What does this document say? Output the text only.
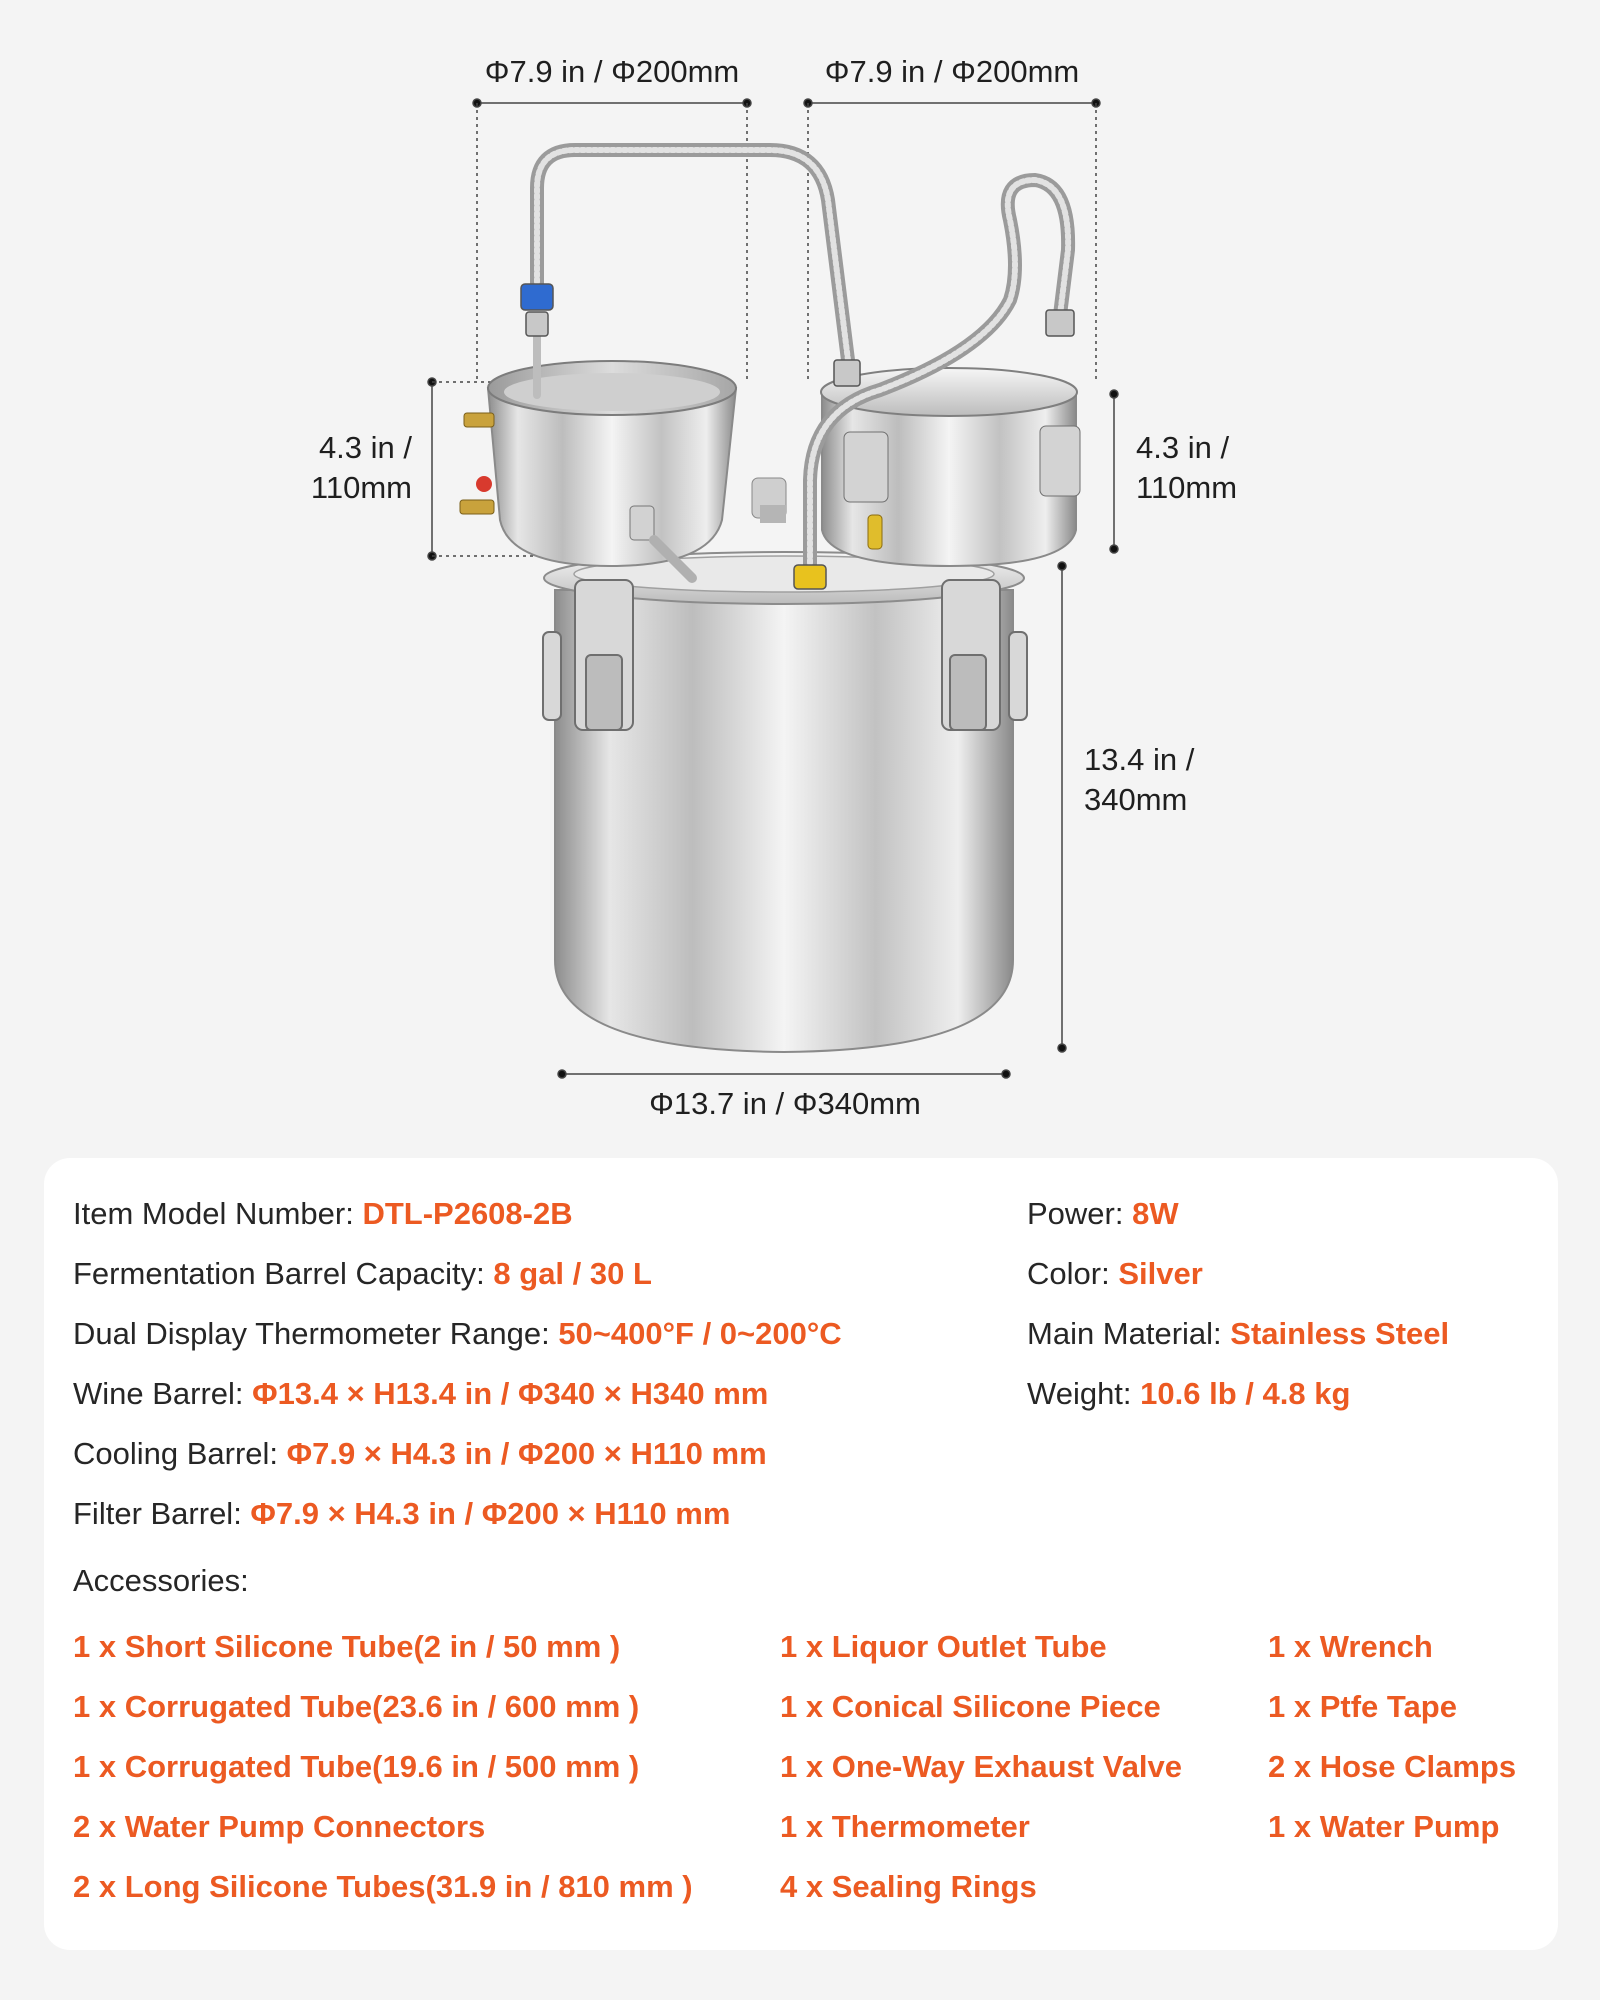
Φ7.9 in / Φ200mm	Φ7.9 in / Φ200mm
4.3 in /
110mm
4.3 in /
110mm
13.4 in /
340mm
Φ13.7 in / Φ340mm
Item Model Number: DTL-P2608-2B
Fermentation Barrel Capacity: 8 gal / 30 L
Dual Display Thermometer Range: 50~400°F / 0~200°C
Wine Barrel: Φ13.4 × H13.4 in / Φ340 × H340 mm
Cooling Barrel: Φ7.9 × H4.3 in / Φ200 × H110 mm
Filter Barrel: Φ7.9 × H4.3 in / Φ200 × H110 mm
Power: 8W
Color: Silver
Main Material: Stainless Steel
Weight: 10.6 lb / 4.8 kg
Accessories:
1 x Short Silicone Tube(2 in / 50 mm )
1 x Corrugated Tube(23.6 in / 600 mm )
1 x Corrugated Tube(19.6 in / 500 mm )
2 x Water Pump Connectors
2 x Long Silicone Tubes(31.9 in / 810 mm )
1 x Liquor Outlet Tube
1 x Conical Silicone Piece
1 x One-Way Exhaust Valve
1 x Thermometer
4 x Sealing Rings
1 x Wrench
1 x Ptfe Tape
2 x Hose Clamps
1 x Water Pump
